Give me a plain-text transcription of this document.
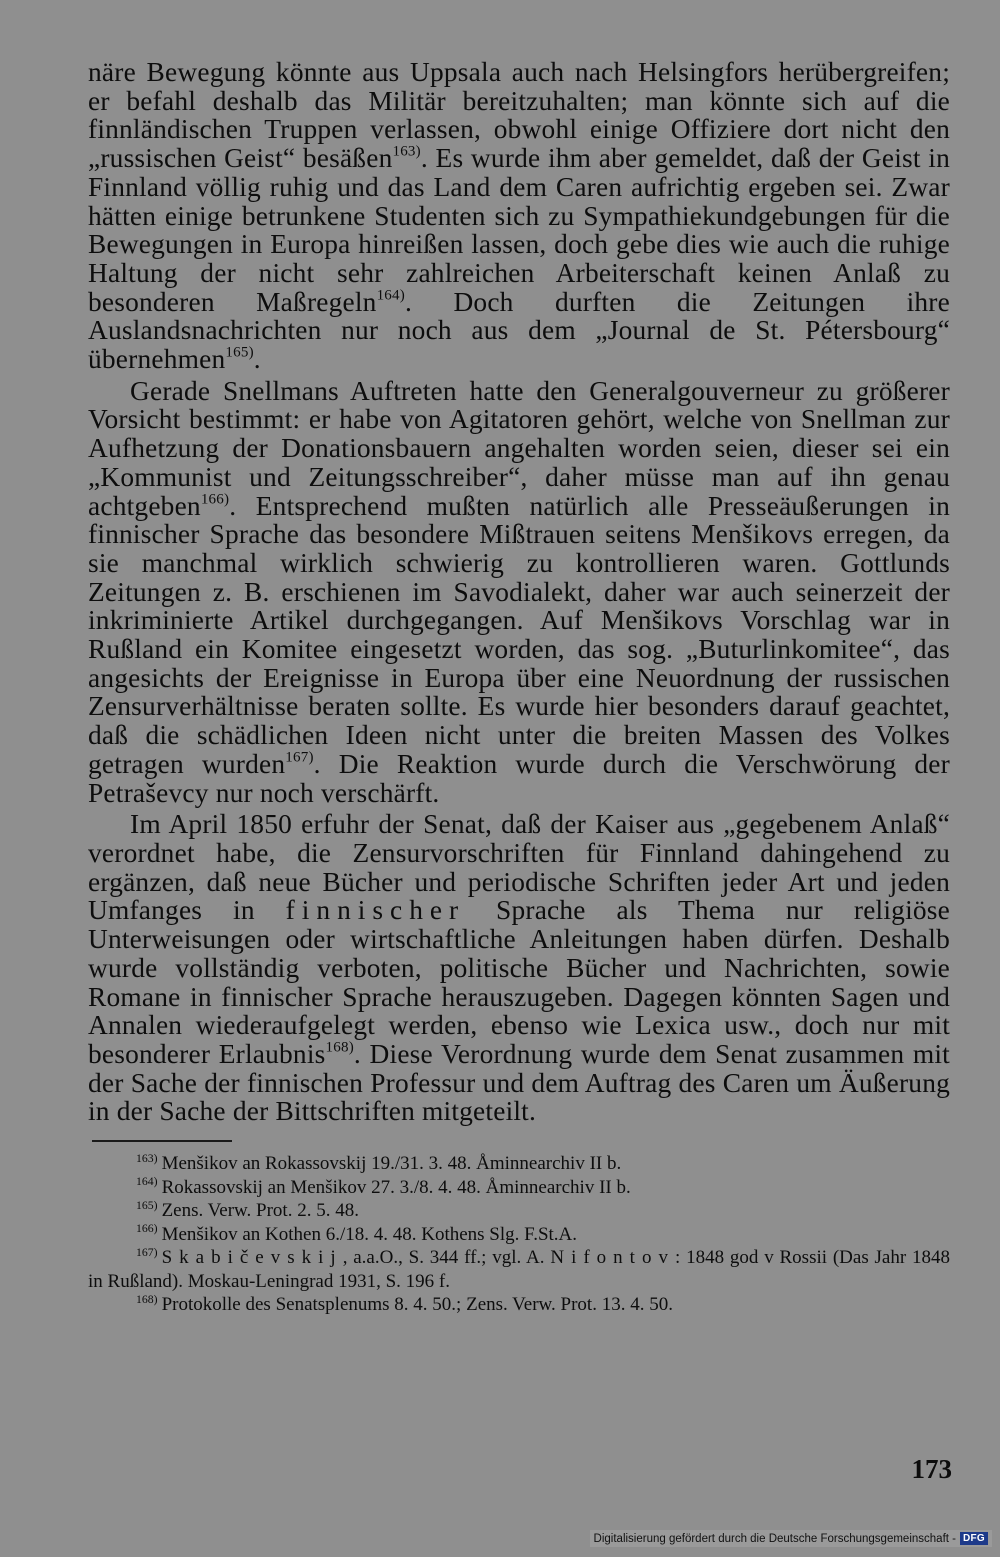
näre Bewegung könnte aus Uppsala auch nach Helsingfors herübergreifen; er befahl deshalb das Militär bereitzuhalten; man könnte sich auf die finnländischen Truppen verlassen, obwohl einige Offiziere dort nicht den „russischen Geist“ besäßen$^{163)}$. Es wurde ihm aber gemeldet, daß der Geist in Finnland völlig ruhig und das Land dem Caren aufrichtig ergeben sei. Zwar hätten einige betrunkene Studenten sich zu Sympathiekundgebungen für die Bewegungen in Europa hinreißen lassen, doch gebe dies wie auch die ruhige Haltung der nicht sehr zahlreichen Arbeiterschaft keinen Anlaß zu besonderen Maßregeln$^{164)}$. Doch durften die Zeitungen ihre Auslandsnachrichten nur noch aus dem „Journal de St. Pétersbourg“ übernehmen$^{165)}$.

Gerade Snellmans Auftreten hatte den Generalgouverneur zu größerer Vorsicht bestimmt: er habe von Agitatoren gehört, welche von Snellman zur Aufhetzung der Donationsbauern angehalten worden seien, dieser sei ein „Kommunist und Zeitungsschreiber“, daher müsse man auf ihn genau achtgeben$^{166)}$. Entsprechend mußten natürlich alle Presseäußerungen in finnischer Sprache das besondere Mißtrauen seitens Menšikovs erregen, da sie manchmal wirklich schwierig zu kontrollieren waren. Gottlunds Zeitungen z. B. erschienen im Savodialekt, daher war auch seinerzeit der inkriminierte Artikel durchgegangen. Auf Menšikovs Vorschlag war in Rußland ein Komitee eingesetzt worden, das sog. „Buturlinkomitee“, das angesichts der Ereignisse in Europa über eine Neuordnung der russischen Zensurverhältnisse beraten sollte. Es wurde hier besonders darauf geachtet, daß die schädlichen Ideen nicht unter die breiten Massen des Volkes getragen wurden$^{167)}$. Die Reaktion wurde durch die Verschwörung der Petraševcy nur noch verschärft.

Im April 1850 erfuhr der Senat, daß der Kaiser aus „gegebenem Anlaß“ verordnet habe, die Zensurvorschriften für Finnland dahingehend zu ergänzen, daß neue Bücher und periodische Schriften jeder Art und jeden Umfanges in finnischer Sprache als Thema nur religiöse Unterweisungen oder wirtschaftliche Anleitungen haben dürfen. Deshalb wurde vollständig verboten, politische Bücher und Nachrichten, sowie Romane in finnischer Sprache herauszugeben. Dagegen könnten Sagen und Annalen wiederaufgelegt werden, ebenso wie Lexica usw., doch nur mit besonderer Erlaubnis$^{168)}$. Diese Verordnung wurde dem Senat zusammen mit der Sache der finnischen Professur und dem Auftrag des Caren um Äußerung in der Sache der Bittschriften mitgeteilt.

$^{163)}$ Menšikov an Rokassovskij 19./31. 3. 48. Åminnearchiv II b.
$^{164)}$ Rokassovskij an Menšikov 27. 3./8. 4. 48. Åminnearchiv II b.
$^{165)}$ Zens. Verw. Prot. 2. 5. 48.
$^{166)}$ Menšikov an Kothen 6./18. 4. 48. Kothens Slg. F.St.A.
$^{167)}$ Skabičevskij, a.a.O., S. 344 ff.; vgl. A. Nifontov: 1848 god v Rossii (Das Jahr 1848 in Rußland). Moskau-Leningrad 1931, S. 196 f.
$^{168)}$ Protokolle des Senatsplenums 8. 4. 50.; Zens. Verw. Prot. 13. 4. 50.
173
Digitalisierung gefördert durch die Deutsche Forschungsgemeinschaft - DFG
